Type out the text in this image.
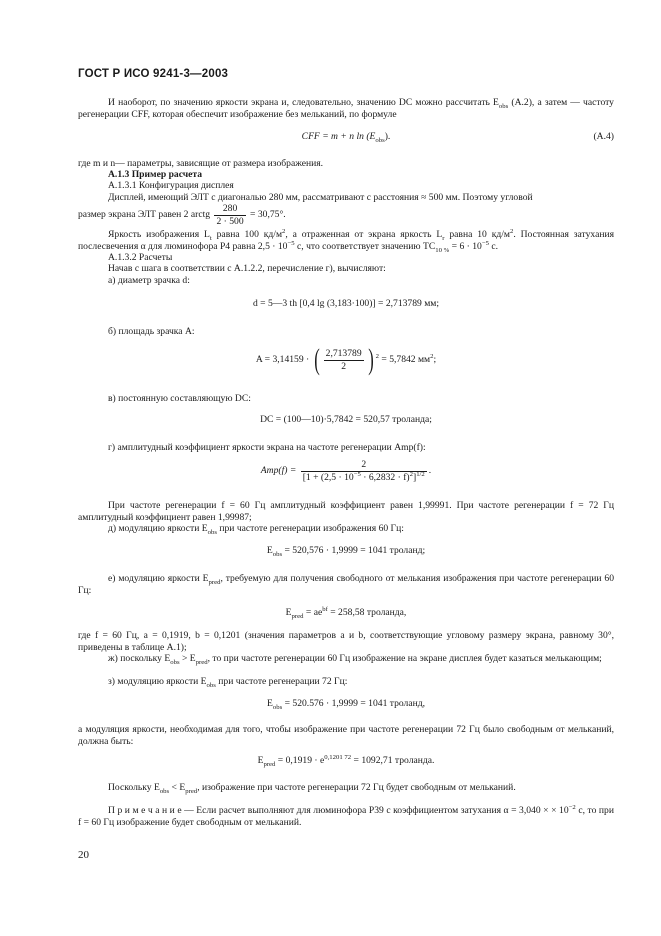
ГОСТ Р ИСО 9241-3—2003
И наоборот, по значению яркости экрана и, следовательно, значению DC можно рассчитать $E_{obs}$ (А.2), а затем — частоту регенерации CFF, которая обеспечит изображение без мельканий, по формуле
CFF = m + n $\ln (E_{obs})$.	(А.4)
где m и n— параметры, зависящие от размера изображения.
А.1.3 Пример расчета
А.1.3.1 Конфигурация дисплея
Дисплей, имеющий ЭЛТ с диагональю 280 мм, рассматривают с расстояния ≈ 500 мм. Поэтому угловой
размер экрана ЭЛТ равен 2 arctg $\frac{280}{2 \cdot 500} = 30,75^\circ$.
Яркость изображения $L_t$ равна 100 $кд/м^2$, а отраженная от экрана яркость $L_r$ равна 10 $кд/м^2$. Постоянная затухания послесвечения α для люминофора Р4 равна $2,5 \cdot 10^{-5}$ с, что соответствует значению $TC_{10 \%} = 6 \cdot 10^{-5}$ с.
А.1.3.2 Расчеты
Начав с шага в соответствии с А.1.2.2, перечисление г), вычисляют:
а) диаметр зрачка d:
d = 5—3 th [0,4 lg (3,183·100)] = 2,713789 мм;
б) площадь зрачка A:
A = 3,14159 · ( $\frac{2,713789}{2}$ ) $^2$ = 5,7842 $мм^2$;
в) постоянную составляющую DC:
DC = (100—10)·5,7842 = 520,57 троланда;
г) амплитудный коэффициент яркости экрана на частоте регенерации Amp(f):
$Amp(f) = \frac{2}{[1 + (2,5 \cdot 10^{-5} \cdot 6,2832 \cdot f)^2]^{1/2}}$ .
При частоте регенерации f = 60 Гц амплитудный коэффициент равен 1,99991. При частоте регенерации f = 72 Гц амплитудный коэффициент равен 1,99987;
д) модуляцию яркости $E_{obs}$ при частоте регенерации изображения 60 Гц:
$E_{obs} = 520,576 \cdot 1,9999 = 1041$ троланд;
е) модуляцию яркости $E_{pred}$, требуемую для получения свободного от мелькания изображения при частоте регенерации 60 Гц:
$E_{pred} = ae^{bf} = 258,58$ троланда,
где f = 60 Гц, a = 0,1919, b = 0,1201 (значения параметров a и b, соответствующие угловому размеру экрана, равному 30°, приведены в таблице А.1);
ж) поскольку $E_{obs} > E_{pred}$, то при частоте регенерации 60 Гц изображение на экране дисплея будет казаться мелькающим;
з) модуляцию яркости $E_{obs}$ при частоте регенерации 72 Гц:
$E_{obs} = 520.576 \cdot 1,9999 = 1041$ троланд,
а модуляция яркости, необходимая для того, чтобы изображение при частоте регенерации 72 Гц было свободным от мельканий, должна быть:
$E_{pred} = 0,1919 \cdot e^{0,1201 72} = 1092,71$ троланда.
Поскольку $E_{obs} < E_{pred}$, изображение при частоте регенерации 72 Гц будет свободным от мельканий.
П р и м е ч а н и е — Если расчет выполняют для люминофора Р39 с коэффициентом затухания α = 3,040 × × $10^{-2}$ с, то при f = 60 Гц изображение будет свободным от мельканий.
20
